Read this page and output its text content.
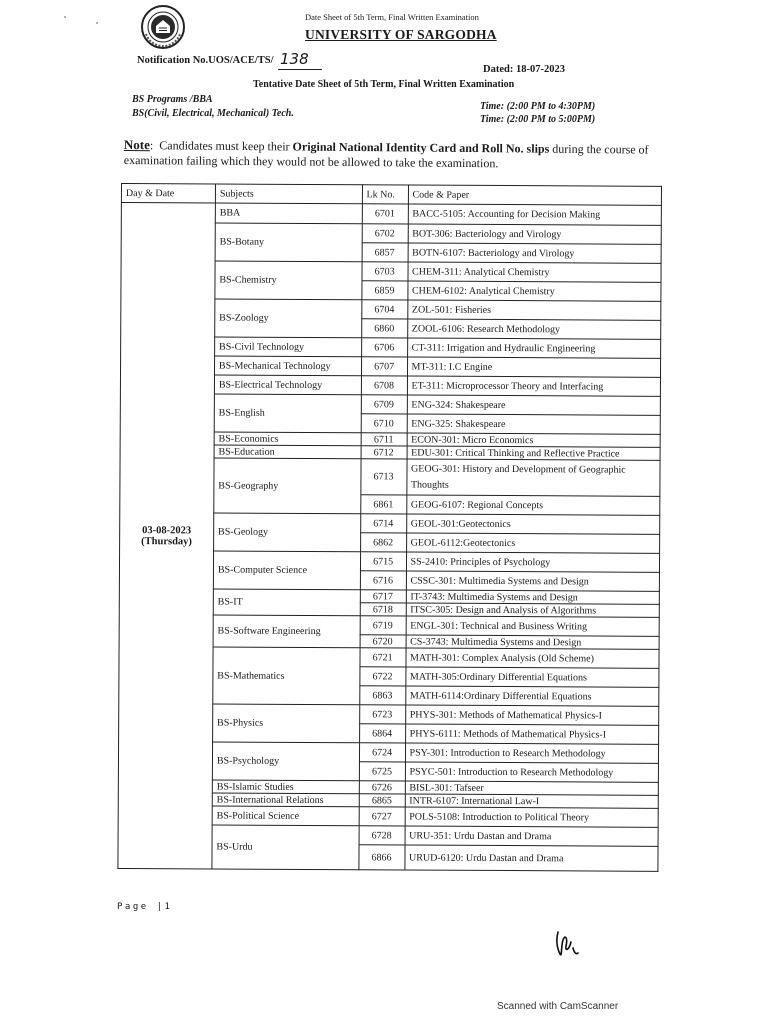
Date Sheet of 5th Term, Final Written Examination
UNIVERSITY OF SARGODHA
Notification No.UOS/ACE/TS/ 138
Dated: 18-07-2023
Tentative Date Sheet of 5th Term, Final Written Examination
BS Programs /BBA
BS(Civil, Electrical, Mechanical) Tech.
Time: (2:00 PM to 4:30PM)
Time: (2:00 PM to 5:00PM)
Note:  Candidates must keep their Original National Identity Card and Roll No. slips during the course of examination failing which they would not be allowed to take the examination.
Day & Date	Subjects	Lk No.	Code & Paper

03-08-2023
(Thursday)	BBA	6701	BACC-5105: Accounting for Decision Making
	BS-Botany	6702	BOT-306: Bacteriology and Virology
		6857	BOTN-6107: Bacteriology and Virology
	BS-Chemistry	6703	CHEM-311: Analytical Chemistry
		6859	CHEM-6102: Analytical Chemistry
	BS-Zoology	6704	ZOL-501: Fisheries
		6860	ZOOL-6106: Research Methodology
	BS-Civil Technology	6706	CT-311: Irrigation and Hydraulic Engineering
	BS-Mechanical Technology	6707	MT-311: I.C Engine
	BS-Electrical Technology	6708	ET-311: Microprocessor Theory and Interfacing
	BS-English	6709	ENG-324: Shakespeare
		6710	ENG-325: Shakespeare
	BS-Economics	6711	ECON-301: Micro Economics
	BS-Education	6712	EDU-301: Critical Thinking and Reflective Practice
	BS-Geography	6713	GEOG-301: History and Development of Geographic Thoughts
		6861	GEOG-6107: Regional Concepts
	BS-Geology	6714	GEOL-301:Geotectonics
		6862	GEOL-6112:Geotectonics
	BS-Computer Science	6715	SS-2410: Principles of Psychology
		6716	CSSC-301: Multimedia Systems and Design
	BS-IT	6717	IT-3743: Multimedia Systems and Design
		6718	ITSC-305: Design and Analysis of Algorithms
	BS-Software Engineering	6719	ENGL-301: Technical and Business Writing
		6720	CS-3743: Multimedia Systems and Design
	BS-Mathematics	6721	MATH-301: Complex Analysis (Old Scheme)
		6722	MATH-305:Ordinary Differential Equations
		6863	MATH-6114:Ordinary Differential Equations
	BS-Physics	6723	PHYS-301: Methods of Mathematical Physics-I
		6864	PHYS-6111: Methods of Mathematical Physics-I
	BS-Psychology	6724	PSY-301: Introduction to Research Methodology
		6725	PSYC-501: Introduction to Research Methodology
	BS-Islamic Studies	6726	BISL-301: Tafseer
	BS-International Relations	6865	INTR-6107: International Law-I
	BS-Political Science	6727	POLS-5108: Introduction to Political Theory
	BS-Urdu	6728	URU-351: Urdu Dastan and Drama
		6866	URUD-6120: Urdu Dastan and Drama
Page |1
Scanned with CamScanner
